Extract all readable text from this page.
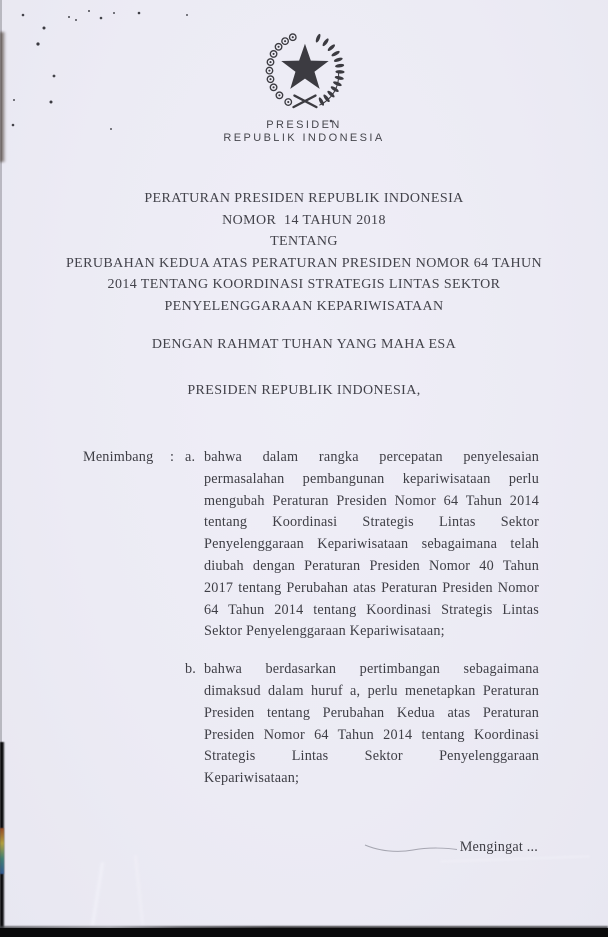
PRESIDEN
REPUBLIK INDONESIA
PERATURAN PRESIDEN REPUBLIK INDONESIA
NOMOR  14 TAHUN 2018
TENTANG
PERUBAHAN KEDUA ATAS PERATURAN PRESIDEN NOMOR 64 TAHUN
2014 TENTANG KOORDINASI STRATEGIS LINTAS SEKTOR
PENYELENGGARAAN KEPARIWISATAAN
DENGAN RAHMAT TUHAN YANG MAHA ESA
PRESIDEN REPUBLIK INDONESIA,
Menimbang	: a. bahwa dalam rangka percepatan penyelesaian permasalahan pembangunan kepariwisataan perlu mengubah Peraturan Presiden Nomor 64 Tahun 2014 tentang Koordinasi Strategis Lintas Sektor Penyelenggaraan Kepariwisataan sebagaimana telah diubah dengan Peraturan Presiden Nomor 40 Tahun 2017 tentang Perubahan atas Peraturan Presiden Nomor 64 Tahun 2014 tentang Koordinasi Strategis Lintas Sektor Penyelenggaraan Kepariwisataan;
b. bahwa berdasarkan pertimbangan sebagaimana dimaksud dalam huruf a, perlu menetapkan Peraturan Presiden tentang Perubahan Kedua atas Peraturan Presiden Nomor 64 Tahun 2014 tentang Koordinasi Strategis Lintas Sektor Penyelenggaraan Kepariwisataan;
Mengingat ...
